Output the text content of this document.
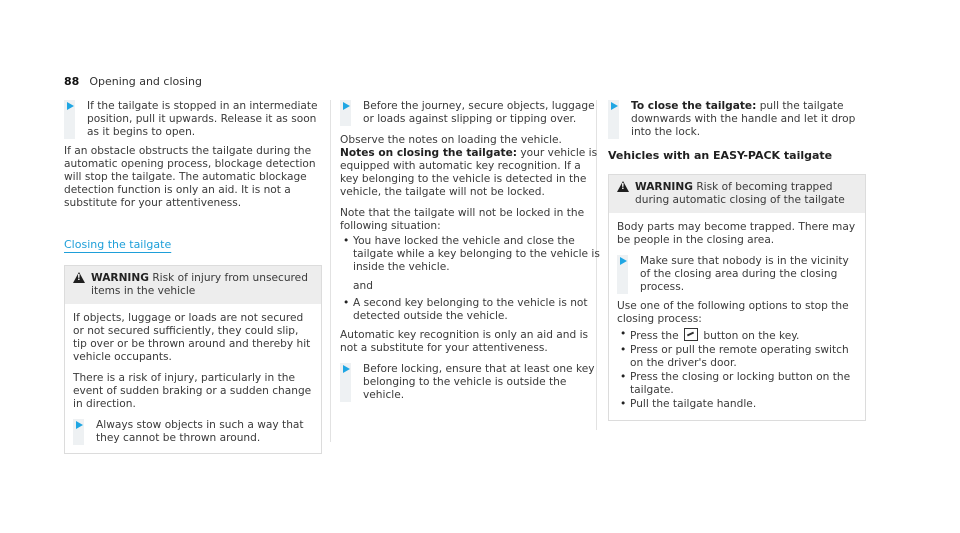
88 Opening and closing
If the tailgate is stopped in an intermediate position, pull it upwards. Release it as soon as it begins to open.

If an obstacle obstructs the tailgate during the automatic opening process, blockage detection will stop the tailgate. The automatic blockage detection function is only an aid. It is not a substitute for your attentiveness.

Closing the tailgate
!
WARNING Risk of injury from unsecured items in the vehicle

If objects, luggage or loads are not secured or not secured sufficiently, they could slip, tip over or be thrown around and thereby hit vehicle occupants.

There is a risk of injury, particularly in the event of sudden braking or a sudden change in direction.

Always stow objects in such a way that they cannot be thrown around.
Before the journey, secure objects, luggage or loads against slipping or tipping over.

Observe the notes on loading the vehicle.

Notes on closing the tailgate: your vehicle is equipped with automatic key recognition. If a key belonging to the vehicle is detected in the vehicle, the tailgate will not be locked.

Note that the tailgate will not be locked in the following situation:

• You have locked the vehicle and close the tailgate while a key belonging to the vehicle is inside the vehicle.
and
• A second key belonging to the vehicle is not detected outside the vehicle.

Automatic key recognition is only an aid and is not a substitute for your attentiveness.

Before locking, ensure that at least one key belonging to the vehicle is outside the vehicle.
To close the tailgate: pull the tailgate downwards with the handle and let it drop into the lock.
Vehicles with an EASY-PACK tailgate
!
WARNING Risk of becoming trapped during automatic closing of the tailgate

Body parts may become trapped. There may be people in the closing area.

Make sure that nobody is in the vicinity of the closing area during the closing process.

Use one of the following options to stop the closing process:

• Press the button on the key.
• Press or pull the remote operating switch on the driver's door.
• Press the closing or locking button on the tailgate.
• Pull the tailgate handle.
